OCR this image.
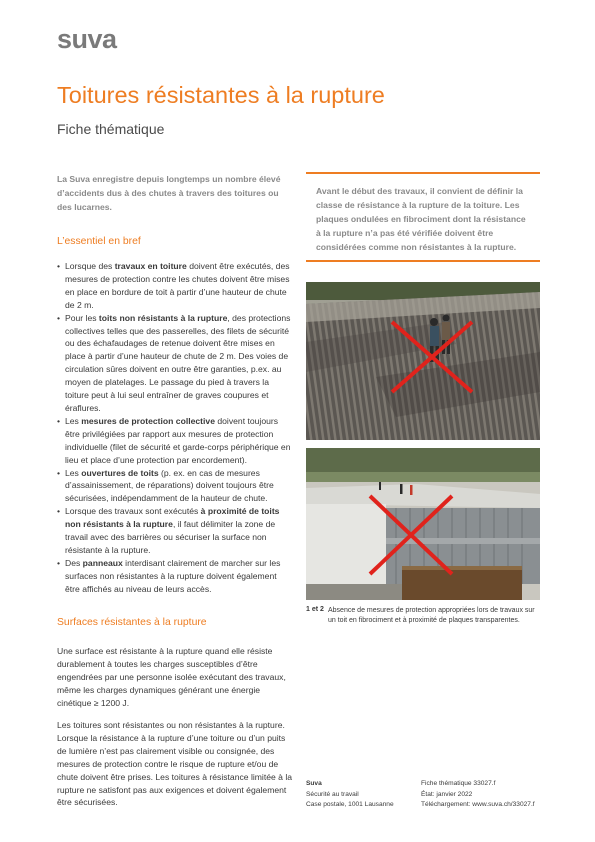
suva
Toitures résistantes à la rupture
Fiche thématique
La Suva enregistre depuis longtemps un nombre élevé d’accidents dus à des chutes à travers des toitures ou des lucarnes.
Avant le début des travaux, il convient de définir la classe de résistance à la rupture de la toiture. Les plaques ondulées en fibrociment dont la résistance à la rupture n’a pas été vérifiée doivent être considérées comme non résistantes à la rupture.
L’essentiel en bref
• Lorsque des travaux en toiture doivent être exécutés, des mesures de protection contre les chutes doivent être mises en place en bordure de toit à partir d’une hauteur de chute de 2 m.
• Pour les toits non résistants à la rupture, des protections collectives telles que des passerelles, des filets de sécurité ou des échafaudages de retenue doivent être mises en place à partir d’une hauteur de chute de 2 m. Des voies de circulation sûres doivent en outre être garanties, p.ex. au moyen de platelages. Le passage du pied à travers la toiture peut à lui seul entraîner de graves coupures et éraflures.
• Les mesures de protection collective doivent toujours être privilégiées par rapport aux mesures de protection individuelle (filet de sécurité et garde-corps périphérique en lieu et place d’une protection par encordement).
• Les ouvertures de toits (p. ex. en cas de mesures d’assainissement, de réparations) doivent toujours être sécurisées, indépendamment de la hauteur de chute.
• Lorsque des travaux sont exécutés à proximité de toits non résistants à la rupture, il faut délimiter la zone de travail avec des barrières ou sécuriser la surface non résistante à la rupture.
• Des panneaux interdisant clairement de marcher sur les surfaces non résistantes à la rupture doivent également être affichés au niveau de leurs accès.
Surfaces résistantes à la rupture
Une surface est résistante à la rupture quand elle résiste durablement à toutes les charges susceptibles d’être engendrées par une personne isolée exécutant des travaux, même les charges dynamiques générant une énergie cinétique ≥ 1200 J.
Les toitures sont résistantes ou non résistantes à la rupture. Lorsque la résistance à la rupture d’une toiture ou d’un puits de lumière n’est pas clairement visible ou consignée, des mesures de protection contre le risque de rupture et/ou de chute doivent être prises. Les toitures à résistance limitée à la rupture ne satisfont pas aux exigences et doivent également être sécurisées.
1 et 2 Absence de mesures de protection appropriées lors de travaux sur un toit en fibrociment et à proximité de plaques transparentes.
Suva
Sécurité au travail
Case postale, 1001 Lausanne
Fiche thématique 33027.f
État: janvier 2022
Téléchargement: www.suva.ch/33027.f
